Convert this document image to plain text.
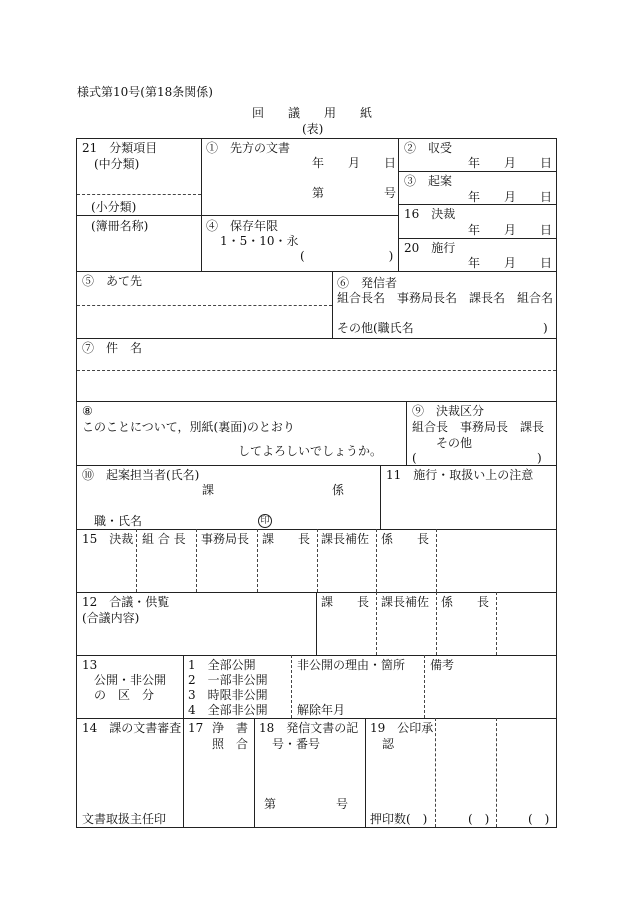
様式第10号(第18条関係)
回　　議　　用　　紙
(表)
21　分類項目
(中分類)
(小分類)
(簿冊名称)
①　先方の文書
年　　月　　日
第　　　　　号
④　保存年限
1・5・10・永
(　　　　　　　)
②　収受
年　　月　　日
③　起案
年　　月　　日
16　決裁
年　　月　　日
20　施行
年　　月　　日
⑤　あて先	⑥　発信者
組合長名　事務局長名　課長名　組合名
その他(職氏名	)
⑦　件　名
⑧
このことについて，別紙(裏面)のとおり
してよろしいでしょうか。
⑨　決裁区分
組合長　事務局長　課長
その他
(	)
⑩　起案担当者(氏名)
課	係
職・氏名	印
11　施行・取扱い上の注意
15　決裁 組 合 長 事務局長 課　　長 課長補佐 係　　長
12　合議・供覧
(合議内容)
課　　長 課長補佐 係　　長
13
公開・非公開
の　区　分
1　全部公開
2　一部非公開
3　時限非公開
4　全部非公開
非公開の理由・箇所
解除年月
備考
14　課の文書審査
文書取扱主任印
17 浄　書
照　合
18　発信文書の記
号・番号
第　　　　　号
19　公印承
認
押印数(　)	(　)	(　)
